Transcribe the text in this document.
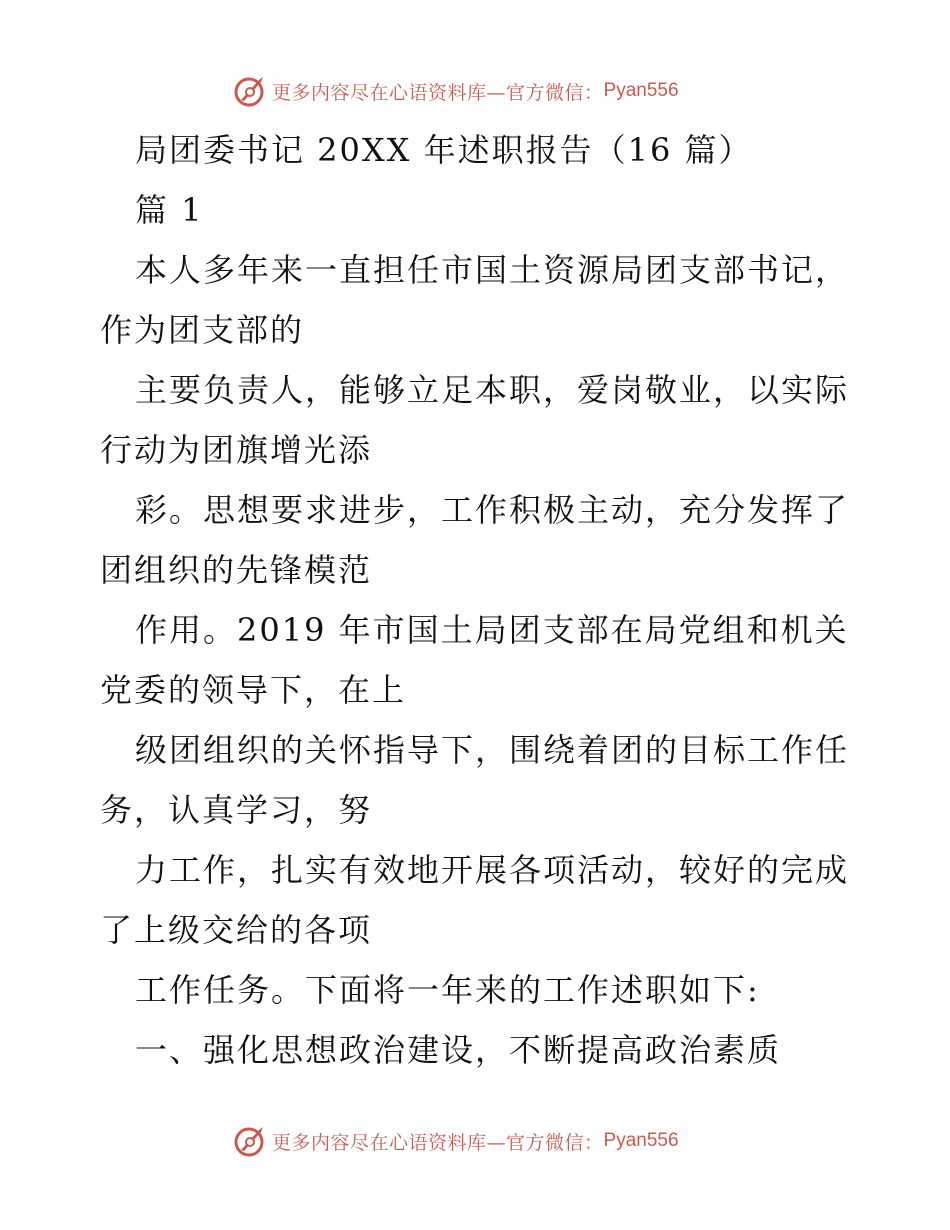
更多内容尽在心语资料库—官方微信： Pyan556
局团委书记 20XX 年述职报告（16 篇）
篇 1
本人多年来一直担任市国土资源局团支部书记，
作为团支部的
主要负责人，能够立足本职，爱岗敬业，以实际
行动为团旗增光添
彩。思想要求进步，工作积极主动，充分发挥了
团组织的先锋模范
作用。2019 年市国土局团支部在局党组和机关
党委的领导下，在上
级团组织的关怀指导下，围绕着团的目标工作任
务，认真学习，努
力工作，扎实有效地开展各项活动，较好的完成
了上级交给的各项
工作任务。下面将一年来的工作述职如下:
一、强化思想政治建设，不断提高政治素质
更多内容尽在心语资料库—官方微信： Pyan556
